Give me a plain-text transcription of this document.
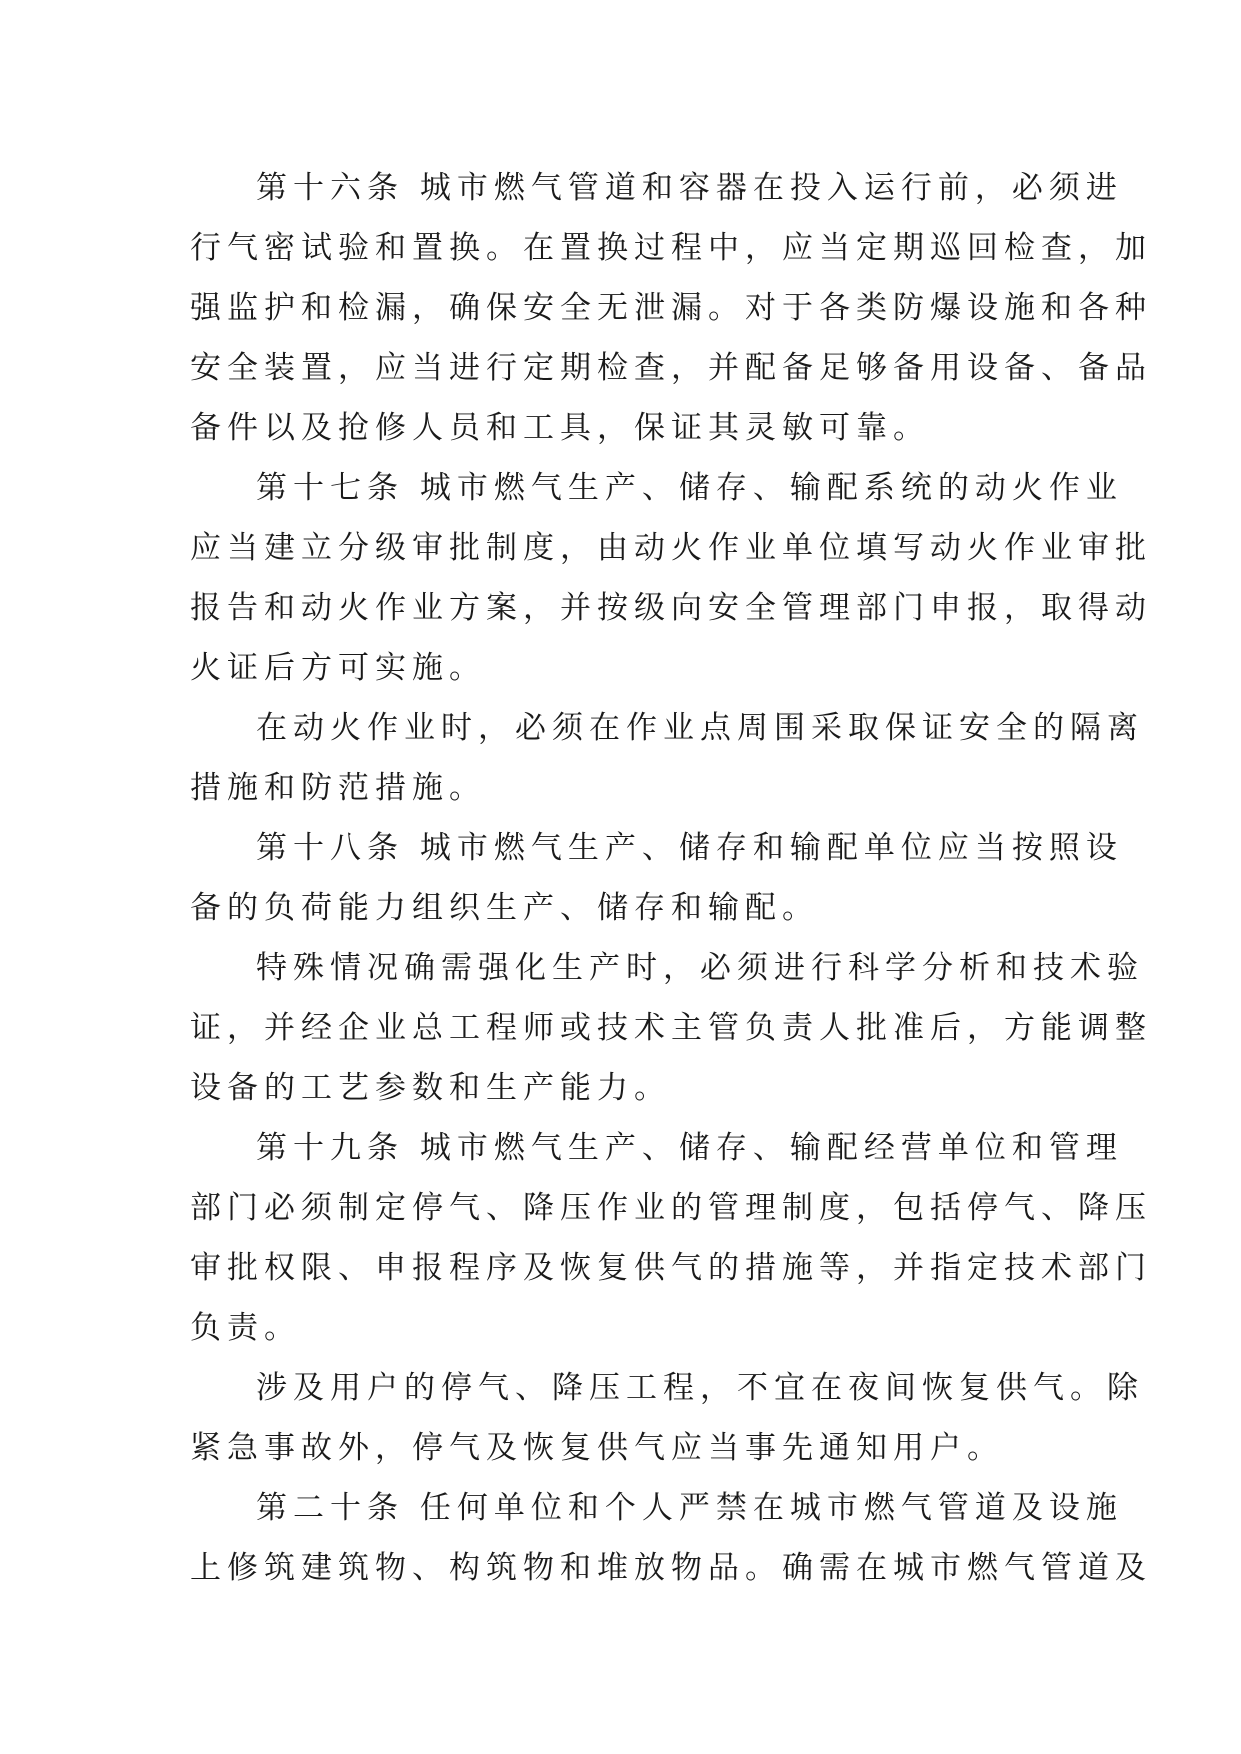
第十六条 城市燃气管道和容器在投入运行前，必须进
行气密试验和置换。在置换过程中，应当定期巡回检查，加
强监护和检漏，确保安全无泄漏。对于各类防爆设施和各种
安全装置，应当进行定期检查，并配备足够备用设备、备品
备件以及抢修人员和工具，保证其灵敏可靠。
第十七条 城市燃气生产、储存、输配系统的动火作业
应当建立分级审批制度，由动火作业单位填写动火作业审批
报告和动火作业方案，并按级向安全管理部门申报，取得动
火证后方可实施。
在动火作业时，必须在作业点周围采取保证安全的隔离
措施和防范措施。
第十八条 城市燃气生产、储存和输配单位应当按照设
备的负荷能力组织生产、储存和输配。
特殊情况确需强化生产时，必须进行科学分析和技术验
证，并经企业总工程师或技术主管负责人批准后，方能调整
设备的工艺参数和生产能力。
第十九条 城市燃气生产、储存、输配经营单位和管理
部门必须制定停气、降压作业的管理制度，包括停气、降压
审批权限、申报程序及恢复供气的措施等，并指定技术部门
负责。
涉及用户的停气、降压工程，不宜在夜间恢复供气。除
紧急事故外，停气及恢复供气应当事先通知用户。
第二十条 任何单位和个人严禁在城市燃气管道及设施
上修筑建筑物、构筑物和堆放物品。确需在城市燃气管道及
